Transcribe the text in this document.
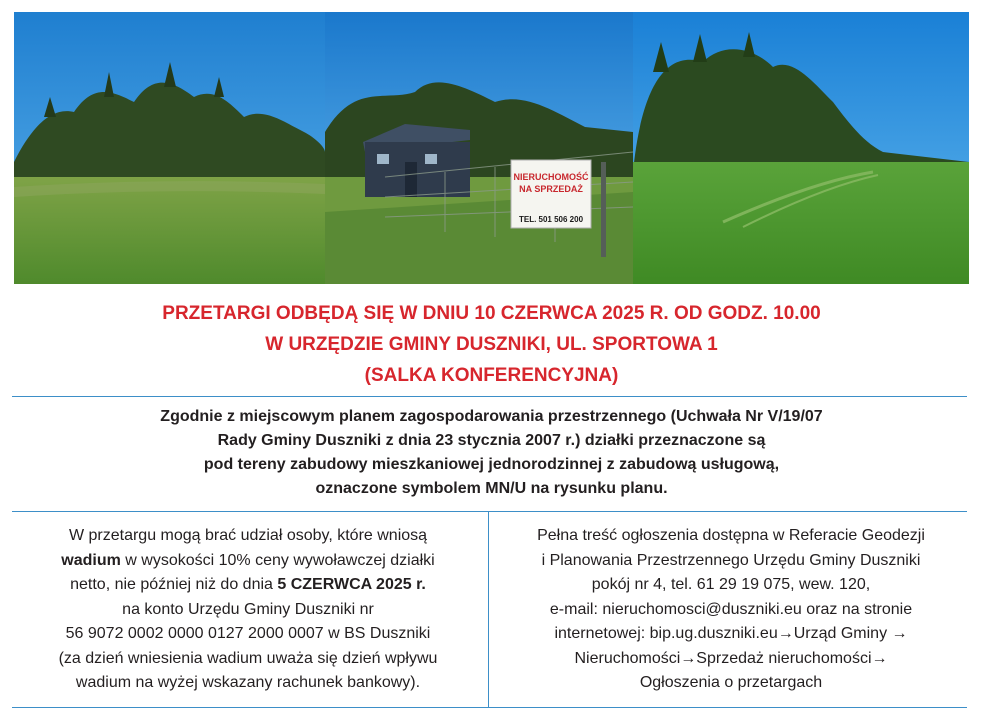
NIERUCHOMOŚĆ
NA SPRZEDAŻ
TEL. 501 506 200
PRZETARGI ODBĘDĄ SIĘ W DNIU 10 CZERWCA 2025 R. OD GODZ. 10.00
W URZĘDZIE GMINY DUSZNIKI, UL. SPORTOWA 1
(SALKA KONFERENCYJNA)
Zgodnie z miejscowym planem zagospodarowania przestrzennego (Uchwała Nr V/19/07
Rady Gminy Duszniki z dnia 23 stycznia 2007 r.) działki przeznaczone są
pod tereny zabudowy mieszkaniowej jednorodzinnej z zabudową usługową,
oznaczone symbolem MN/U na rysunku planu.
W przetargu mogą brać udział osoby, które wniosą
wadium w wysokości 10% ceny wywoławczej działki
netto, nie później niż do dnia 5 CZERWCA 2025 r.
na konto Urzędu Gminy Duszniki nr
56 9072 0002 0000 0127 2000 0007 w BS Duszniki
(za dzień wniesienia wadium uważa się dzień wpływu
wadium na wyżej wskazany rachunek bankowy).
Pełna treść ogłoszenia dostępna w Referacie Geodezji
i Planowania Przestrzennego Urzędu Gminy Duszniki
pokój nr 4, tel. 61 29 19 075, wew. 120,
e-mail: nieruchomosci@duszniki.eu oraz na stronie
internetowej: bip.ug.duszniki.eu→Urząd Gminy →
Nieruchomości→Sprzedaż nieruchomości→
Ogłoszenia o przetargach
